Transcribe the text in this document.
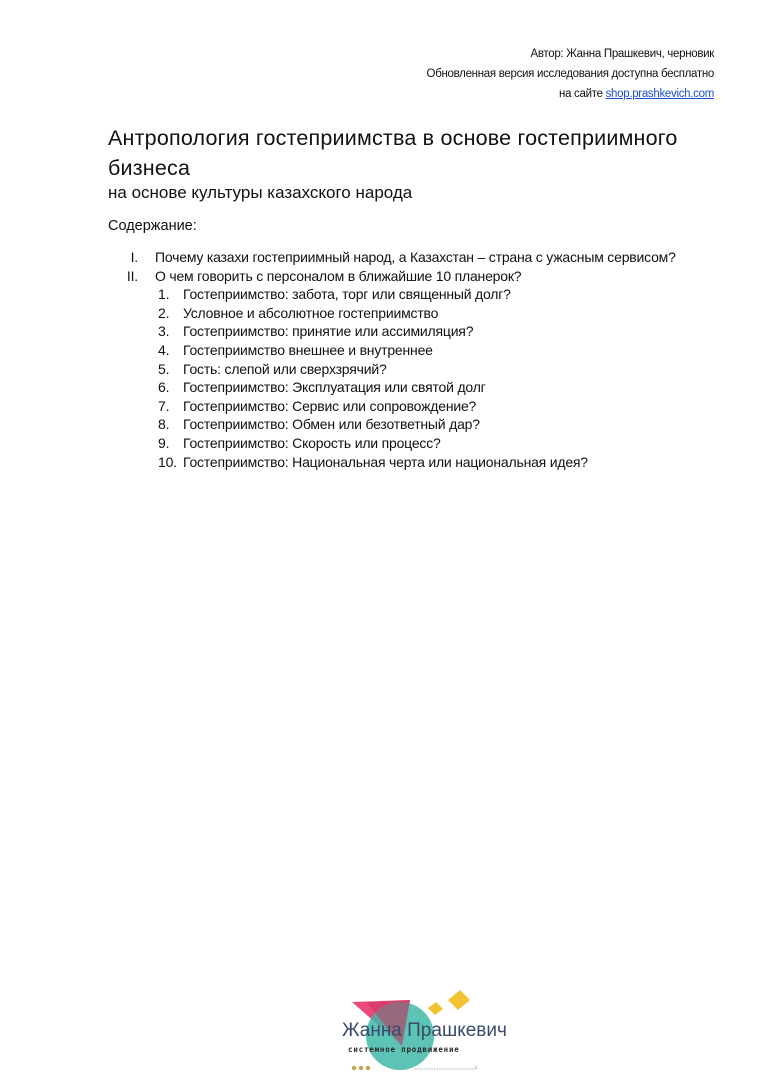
Автор: Жанна Прашкевич, черновик
Обновленная версия исследования доступна бесплатно
на сайте shop.prashkevich.com
Антропология гостеприимства в основе гостеприимного бизнеса
на основе культуры казахского народа
Содержание:
I. Почему казахи гостеприимный народ, а Казахстан – страна с ужасным сервисом?
II. О чем говорить с персоналом в ближайшие 10 планерок?
1. Гостеприимство: забота, торг или священный долг?
2. Условное и абсолютное гостеприимство
3. Гостеприимство: принятие или ассимиляция?
4. Гостеприимство внешнее и внутреннее
5. Гость: слепой или сверхзрячий?
6. Гостеприимство: Эксплуатация или святой долг
7. Гостеприимство: Сервис или сопровождение?
8. Гостеприимство: Обмен или безответный дар?
9. Гостеприимство: Скорость или процесс?
10. Гостеприимство: Национальная черта или национальная идея?
Жанна Прашкевич
системное продвижение
